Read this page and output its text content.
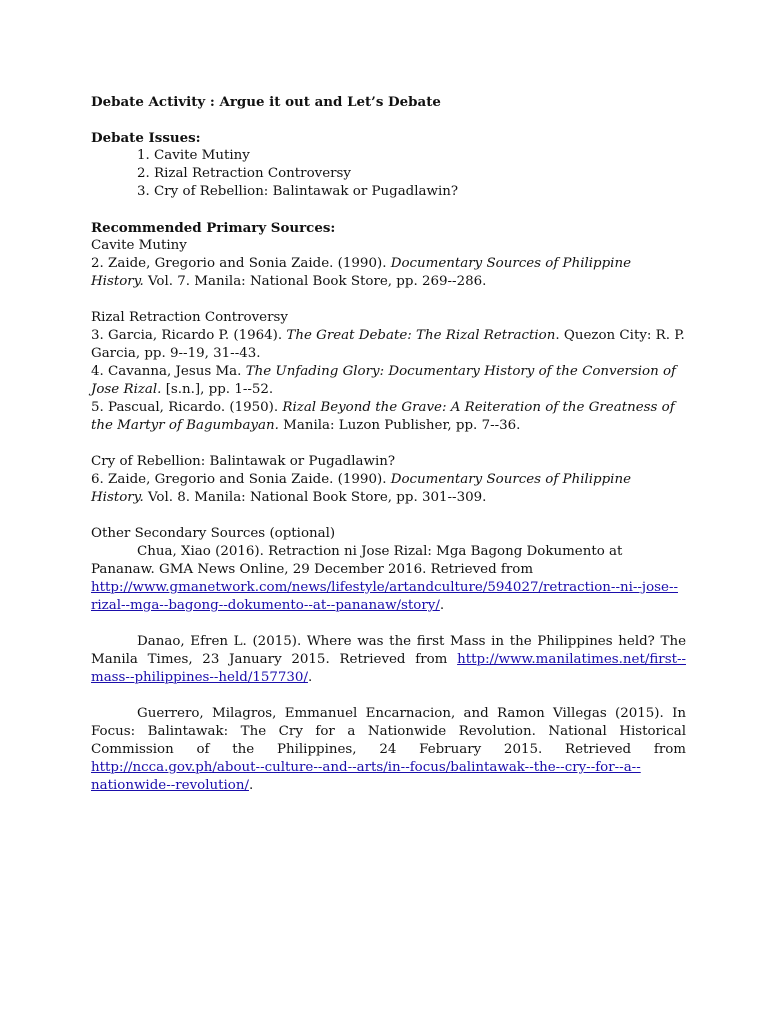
Debate Activity : Argue it out and Let’s Debate
Debate Issues:
1. Cavite Mutiny
2. Rizal Retraction Controversy
3. Cry of Rebellion: Balintawak or Pugadlawin?
Recommended Primary Sources:
Cavite Mutiny

2. Zaide, Gregorio and Sonia Zaide. (1990). Documentary Sources of Philippine History. Vol. 7. Manila: National Book Store, pp. 269--286.

Rizal Retraction Controversy

3. Garcia, Ricardo P. (1964). The Great Debate: The Rizal Retraction. Quezon City: R. P. Garcia, pp. 9--19, 31--43.

4. Cavanna, Jesus Ma. The Unfading Glory: Documentary History of the Conversion of Jose Rizal. [s.n.], pp. 1--52.

5. Pascual, Ricardo. (1950). Rizal Beyond the Grave: A Reiteration of the Greatness of the Martyr of Bagumbayan. Manila: Luzon Publisher, pp. 7--36.

Cry of Rebellion: Balintawak or Pugadlawin?

6. Zaide, Gregorio and Sonia Zaide. (1990). Documentary Sources of Philippine History. Vol. 8. Manila: National Book Store, pp. 301--309.

Other Secondary Sources (optional)

Chua, Xiao (2016). Retraction ni Jose Rizal: Mga Bagong Dokumento at Pananaw. GMA News Online, 29 December 2016. Retrieved from http://www.gmanetwork.com/news/lifestyle/artandculture/594027/retraction--ni--jose--rizal--mga--bagong--dokumento--at--pananaw/story/.

Danao, Efren L. (2015). Where was the first Mass in the Philippines held? The Manila Times, 23 January 2015. Retrieved from http://www.manilatimes.net/first--mass--philippines--held/157730/.

Guerrero, Milagros, Emmanuel Encarnacion, and Ramon Villegas (2015). In Focus: Balintawak: The Cry for a Nationwide Revolution. National Historical Commission of the Philippines, 24 February 2015. Retrieved from http://ncca.gov.ph/about--culture--and--arts/in--focus/balintawak--the--cry--for--a--nationwide--revolution/.
